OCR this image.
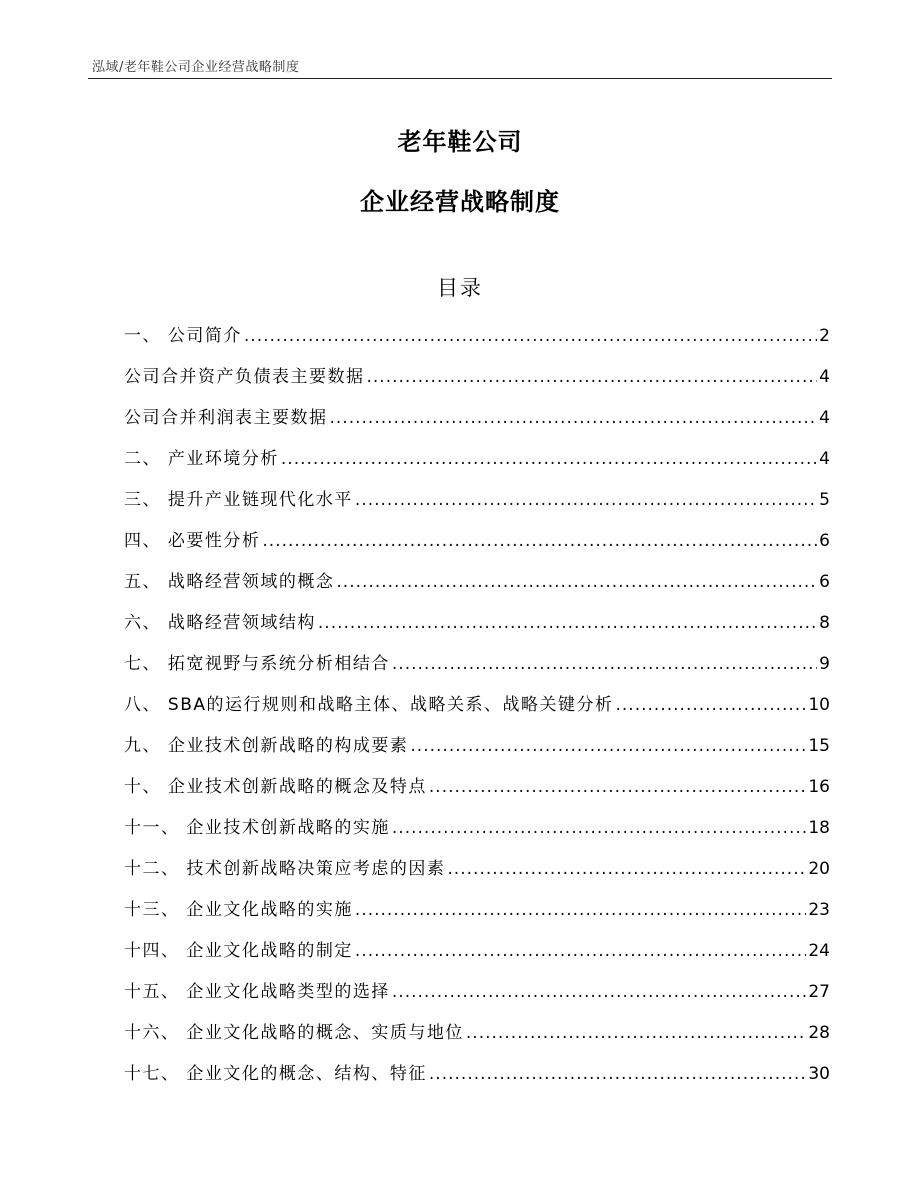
泓域/老年鞋公司企业经营战略制度
老年鞋公司
企业经营战略制度
目录
一、 公司简介 .....	2
公司合并资产负债表主要数据 .....	4
公司合并利润表主要数据 .....	4
二、 产业环境分析 .....	4
三、 提升产业链现代化水平 .....	5
四、 必要性分析 .....	6
五、 战略经营领域的概念 .....	6
六、 战略经营领域结构 .....	8
七、 拓宽视野与系统分析相结合 .....	9
八、 SBA的运行规则和战略主体、战略关系、战略关键分析 .....	10
九、 企业技术创新战略的构成要素 .....	15
十、 企业技术创新战略的概念及特点 .....	16
十一、 企业技术创新战略的实施 .....	18
十二、 技术创新战略决策应考虑的因素 .....	20
十三、 企业文化战略的实施 .....	23
十四、 企业文化战略的制定 .....	24
十五、 企业文化战略类型的选择 .....	27
十六、 企业文化战略的概念、实质与地位 .....	28
十七、 企业文化的概念、结构、特征 .....	30
